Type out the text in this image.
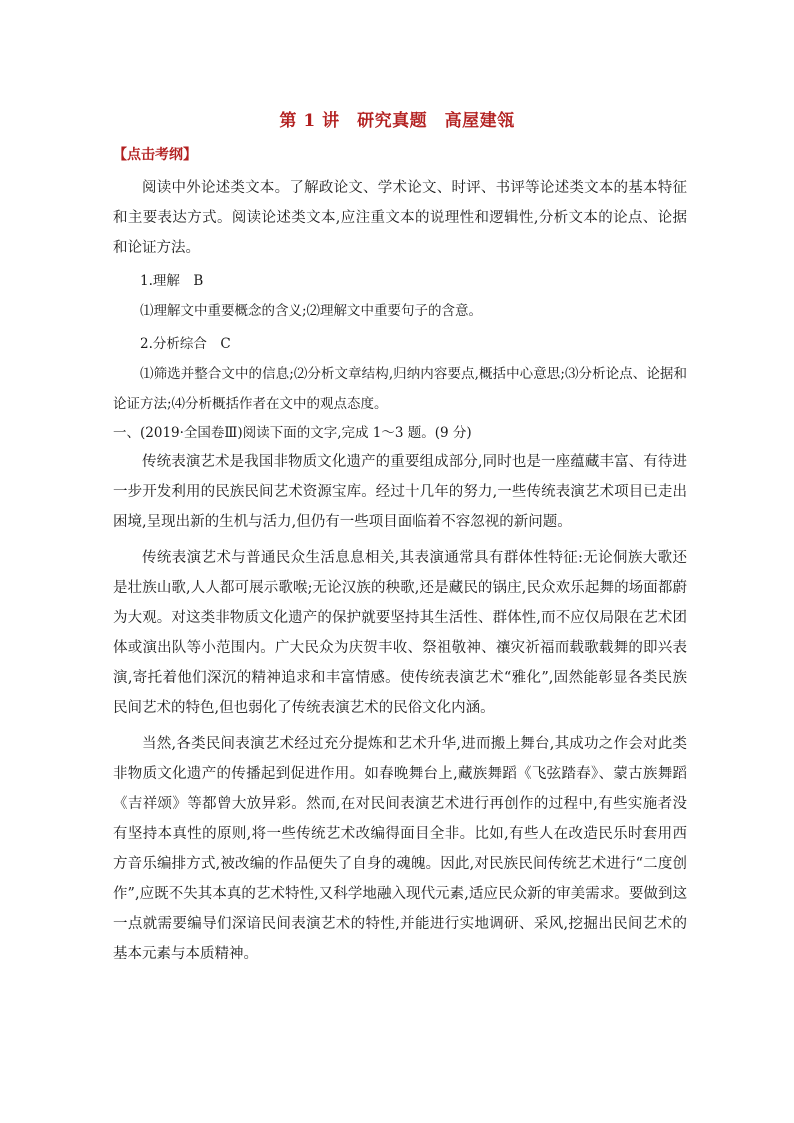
第 1 讲　研究真题　高屋建瓴
【点击考纲】

阅读中外论述类文本。了解政论文、学术论文、时评、书评等论述类文本的基本特征和主要表达方式。阅读论述类文本,应注重文本的说理性和逻辑性,分析文本的论点、论据和论证方法。

1.理解　B

⑴理解文中重要概念的含义;⑵理解文中重要句子的含意。

2.分析综合　C

⑴筛选并整合文中的信息;⑵分析文章结构,归纳内容要点,概括中心意思;⑶分析论点、论据和论证方法;⑷分析概括作者在文中的观点态度。

一、(2019·全国卷Ⅲ)阅读下面的文字,完成 1～3 题。(9 分)

传统表演艺术是我国非物质文化遗产的重要组成部分,同时也是一座蕴藏丰富、有待进一步开发利用的民族民间艺术资源宝库。经过十几年的努力,一些传统表演艺术项目已走出困境,呈现出新的生机与活力,但仍有一些项目面临着不容忽视的新问题。

传统表演艺术与普通民众生活息息相关,其表演通常具有群体性特征:无论侗族大歌还是壮族山歌,人人都可展示歌喉;无论汉族的秧歌,还是藏民的锅庄,民众欢乐起舞的场面都蔚为大观。对这类非物质文化遗产的保护就要坚持其生活性、群体性,而不应仅局限在艺术团体或演出队等小范围内。广大民众为庆贺丰收、祭祖敬神、禳灾祈福而载歌载舞的即兴表演,寄托着他们深沉的精神追求和丰富情感。使传统表演艺术“雅化”,固然能彰显各类民族民间艺术的特色,但也弱化了传统表演艺术的民俗文化内涵。

当然,各类民间表演艺术经过充分提炼和艺术升华,进而搬上舞台,其成功之作会对此类非物质文化遗产的传播起到促进作用。如春晚舞台上,藏族舞蹈《飞弦踏春》、蒙古族舞蹈《吉祥颂》等都曾大放异彩。然而,在对民间表演艺术进行再创作的过程中,有些实施者没有坚持本真性的原则,将一些传统艺术改编得面目全非。比如,有些人在改造民乐时套用西方音乐编排方式,被改编的作品便失了自身的魂魄。因此,对民族民间传统艺术进行“二度创作”,应既不失其本真的艺术特性,又科学地融入现代元素,适应民众新的审美需求。要做到这一点就需要编导们深谙民间表演艺术的特性,并能进行实地调研、采风,挖掘出民间艺术的基本元素与本质精神。
